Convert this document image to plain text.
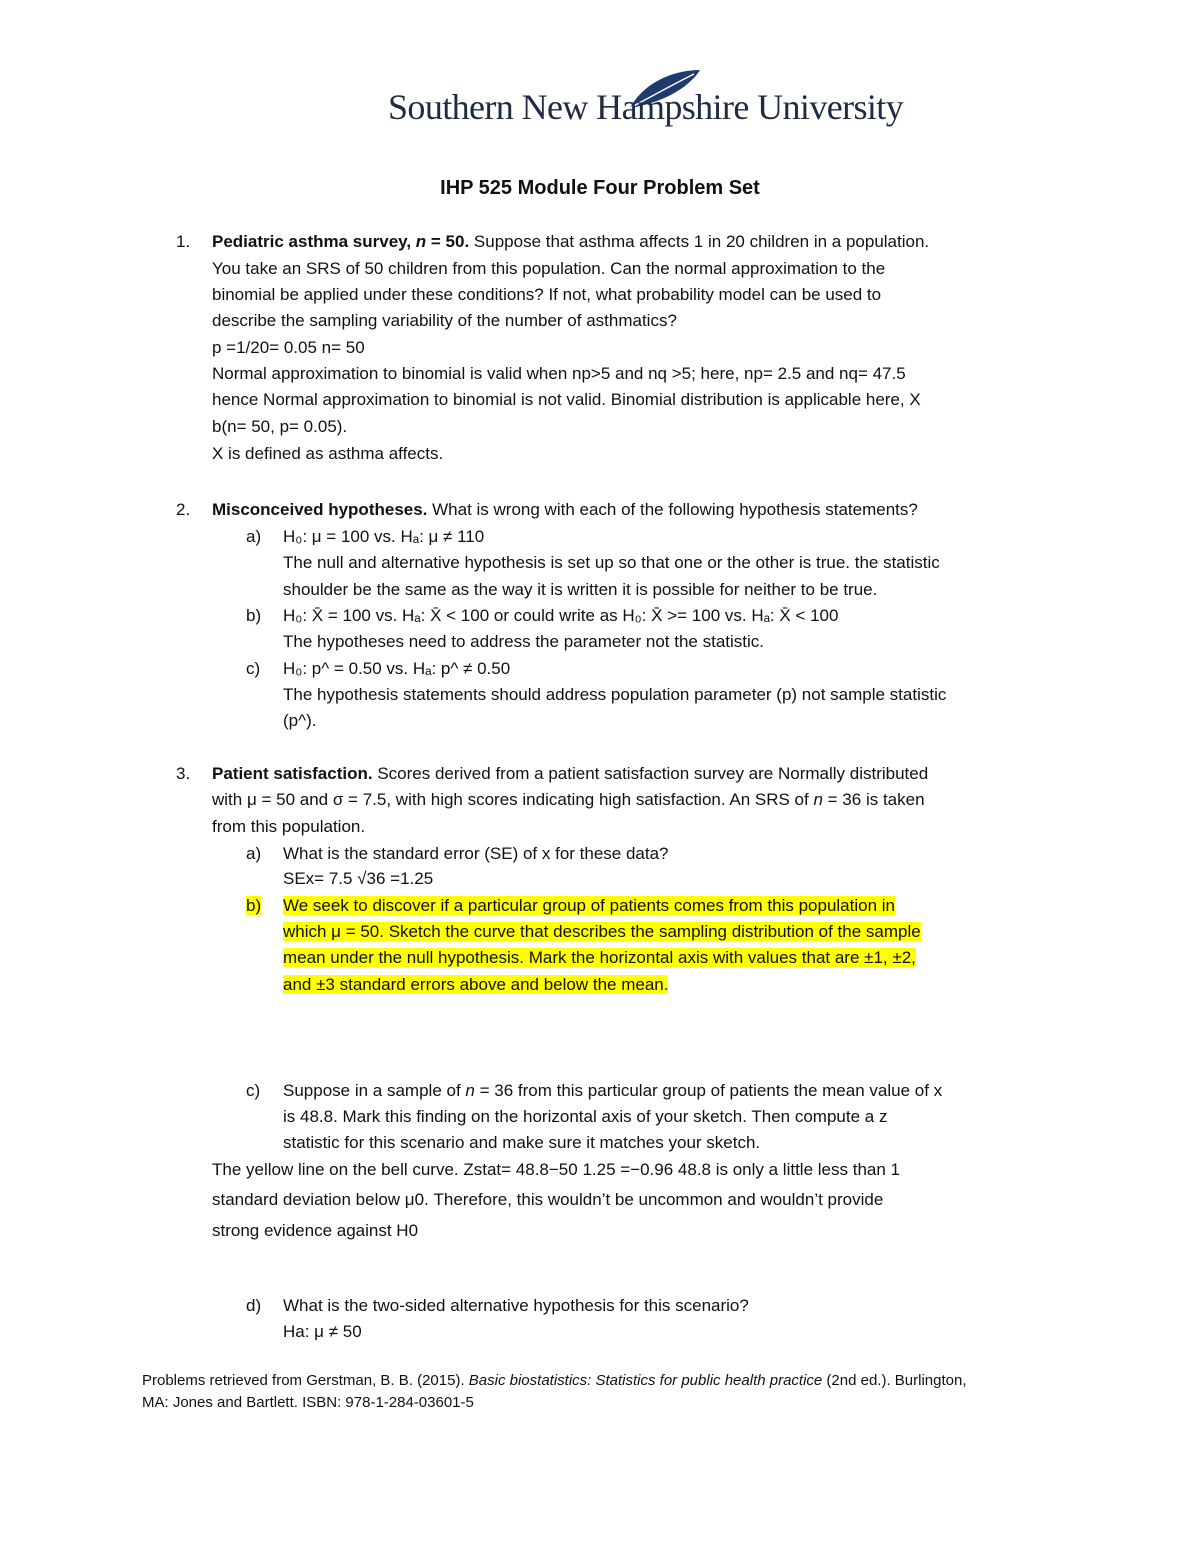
Southern New Hampshire University
IHP 525 Module Four Problem Set
1.	Pediatric asthma survey, n = 50. Suppose that asthma affects 1 in 20 children in a population.
You take an SRS of 50 children from this population. Can the normal approximation to the
binomial be applied under these conditions? If not, what probability model can be used to
describe the sampling variability of the number of asthmatics?
p =1/20= 0.05 n= 50
Normal approximation to binomial is valid when np>5 and nq >5; here, np= 2.5 and nq= 47.5
hence Normal approximation to binomial is not valid. Binomial distribution is applicable here, X
b(n= 50, p= 0.05).
X is defined as asthma affects.
2.	Misconceived hypotheses. What is wrong with each of the following hypothesis statements?
a) H₀: μ = 100 vs. Hₐ: μ ≠ 110
The null and alternative hypothesis is set up so that one or the other is true. the statistic
shoulder be the same as the way it is written it is possible for neither to be true.
b) H₀: X̄ = 100 vs. Hₐ: X̄ < 100 or could write as H₀: X̄ >= 100 vs. Hₐ: X̄ < 100
The hypotheses need to address the parameter not the statistic.
c) H₀: p^ = 0.50 vs. Hₐ: p^ ≠ 0.50
The hypothesis statements should address population parameter (p) not sample statistic
(p^).
3.	Patient satisfaction. Scores derived from a patient satisfaction survey are Normally distributed
with μ = 50 and σ = 7.5, with high scores indicating high satisfaction. An SRS of n = 36 is taken
from this population.
a) What is the standard error (SE) of x for these data?
SEx= 7.5 √36 =1.25
b) We seek to discover if a particular group of patients comes from this population in
which μ = 50. Sketch the curve that describes the sampling distribution of the sample
mean under the null hypothesis. Mark the horizontal axis with values that are ±1, ±2,
and ±3 standard errors above and below the mean.
c) Suppose in a sample of n = 36 from this particular group of patients the mean value of x
is 48.8. Mark this finding on the horizontal axis of your sketch. Then compute a z
statistic for this scenario and make sure it matches your sketch.
The yellow line on the bell curve. Zstat= 48.8−50 1.25 =−0.96 48.8 is only a little less than 1
standard deviation below μ0. Therefore, this wouldn’t be uncommon and wouldn’t provide
strong evidence against H0
d) What is the two-sided alternative hypothesis for this scenario?
Ha: μ ≠ 50
Problems retrieved from Gerstman, B. B. (2015). Basic biostatistics: Statistics for public health practice (2nd ed.). Burlington,
MA: Jones and Bartlett. ISBN: 978-1-284-03601-5
